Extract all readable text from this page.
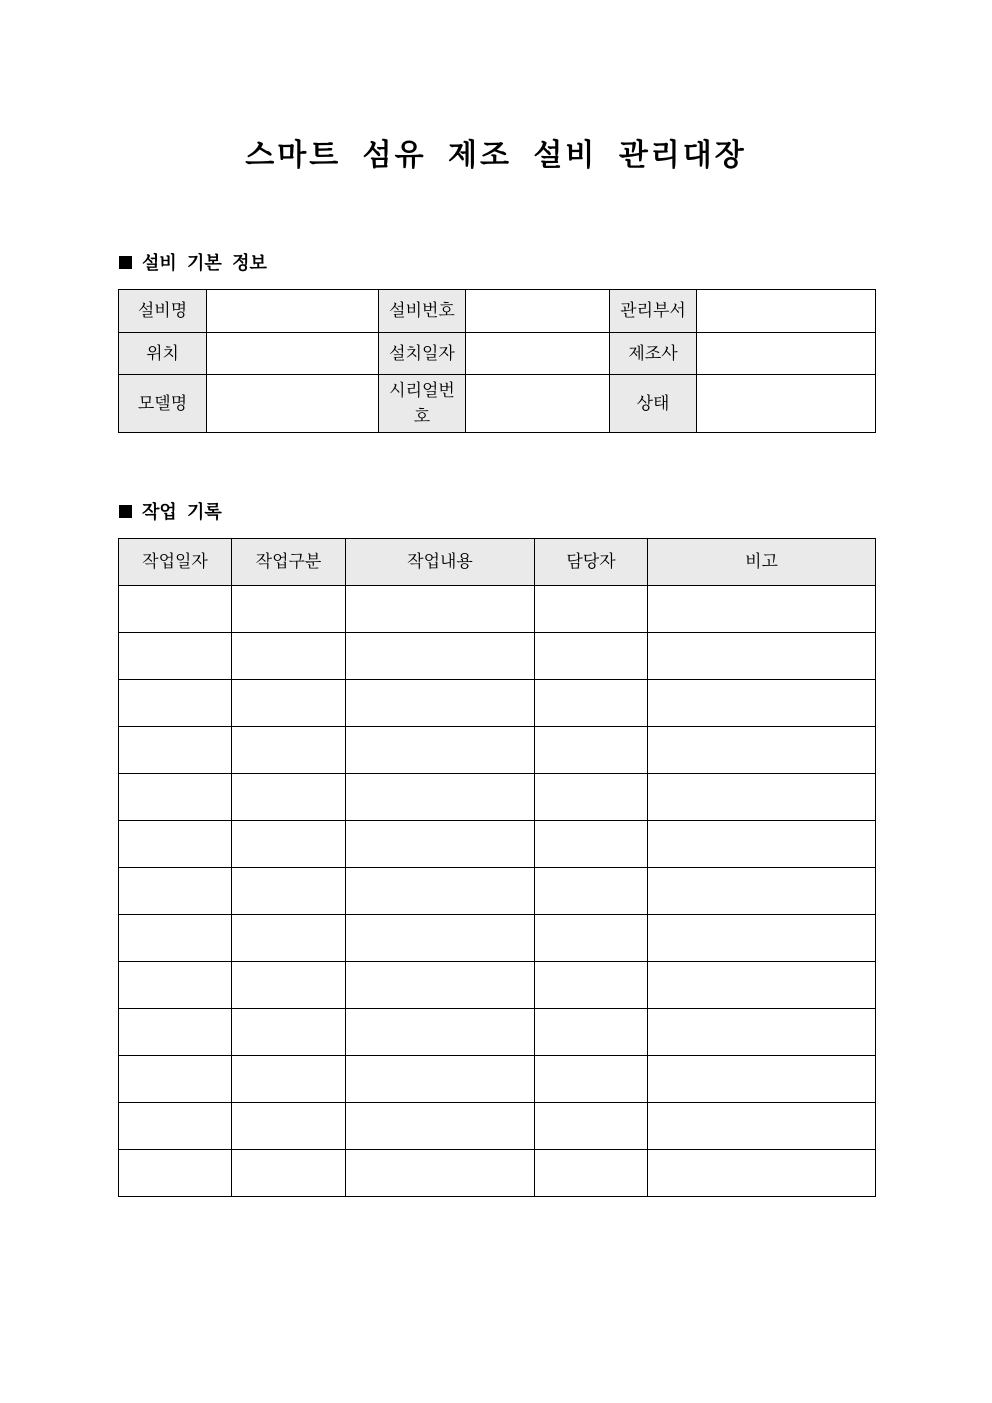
스마트 섬유 제조 설비 관리대장
설비 기본 정보
설비명		설비번호		관리부서	
위치		설치일자		제조사	
모델명		시리얼번호		상태	
작업 기록
작업일자	작업구분	작업내용	담당자	비고
